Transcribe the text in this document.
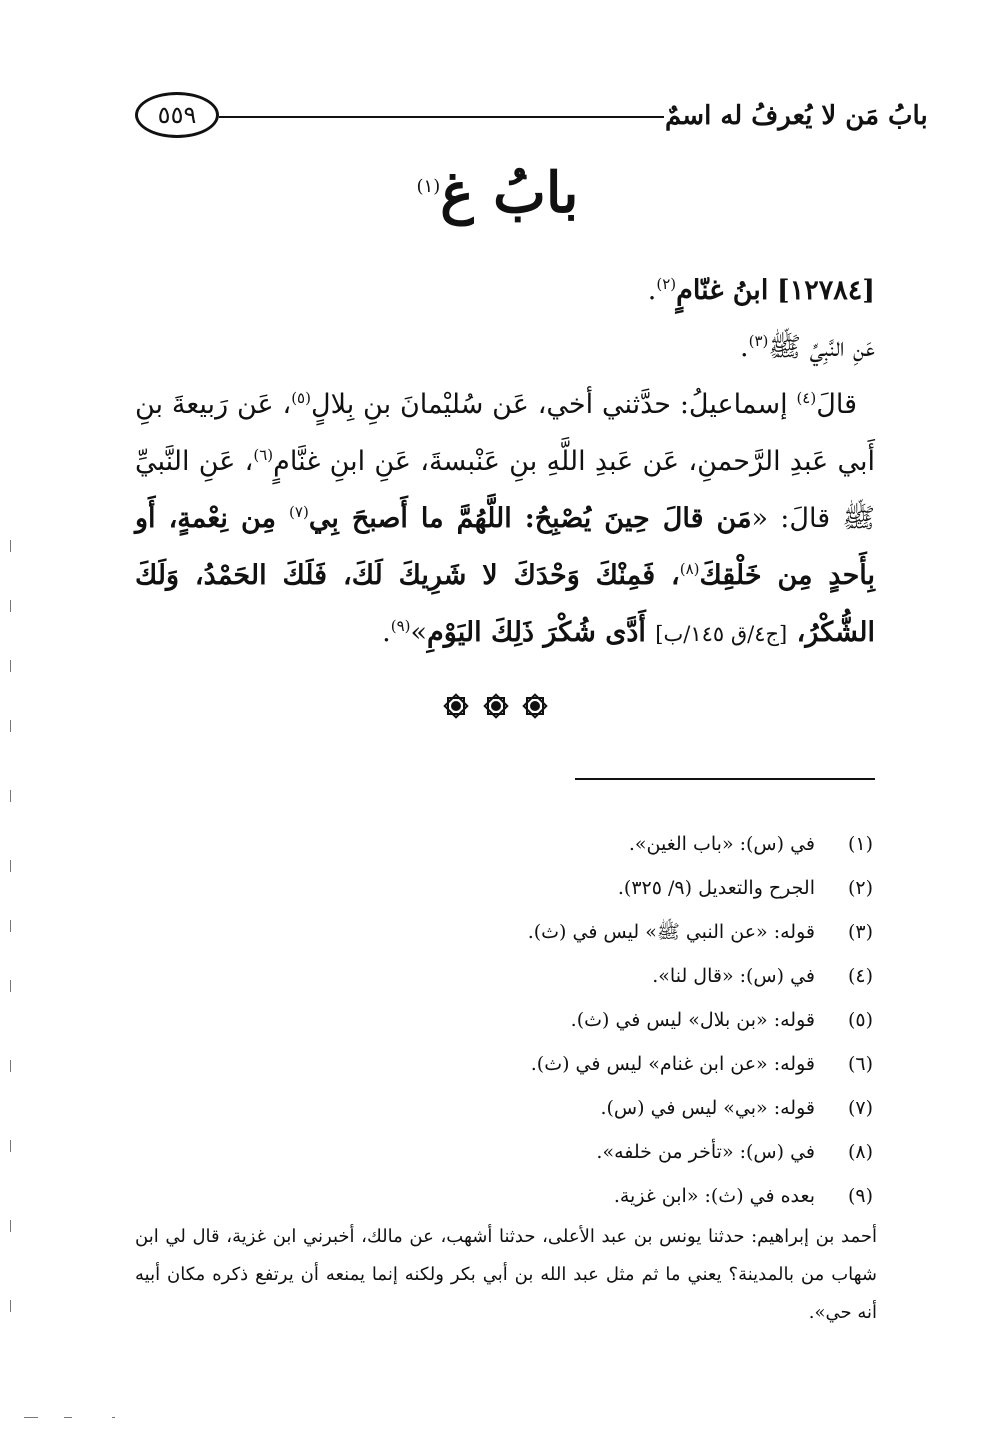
٥٥٩	بابُ مَن لا يُعرفُ له اسمٌ
بابُ غ$^{(١)}$

[١٢٧٨٤] ابنُ غنّامٍ$^{(٢)}$.

عَنِ النَّبِيِّ ﷺ$^{(٣)}$.

قالَ$^{(٤)}$ إسماعيلُ: حدَّثني أخي، عَن سُليْمانَ بنِ بِلالٍ$^{(٥)}$، عَن رَبيعةَ بنِ أَبي عَبدِ الرَّحمنِ، عَن عَبدِ اللَّهِ بنِ عَنْبسةَ، عَنِ ابنِ غنَّامٍ$^{(٦)}$، عَنِ النَّبيِّ ﷺ قالَ: «مَن قالَ حِينَ يُصْبِحُ: اللَّهُمَّ ما أَصبحَ بِي$^{(٧)}$ مِن نِعْمةٍ، أَو بِأَحدٍ مِن خَلْقِكَ$^{(٨)}$، فَمِنْكَ وَحْدَكَ لا شَرِيكَ لَكَ، فَلَكَ الحَمْدُ، وَلَكَ الشُّكْرُ، [ج٤/ق ١٤٥/ب] أَدَّى شُكْرَ ذَلِكَ اليَوْمِ»$^{(٩)}$.

(١)
في (س): «باب الغين».
(٢)
الجرح والتعديل (٩/ ٣٢٥).
(٣)
قوله: «عن النبي ﷺ» ليس في (ث).
(٤)
في (س): «قال لنا».
(٥)
قوله: «بن بلال» ليس في (ث).
(٦)
قوله: «عن ابن غنام» ليس في (ث).
(٧)
قوله: «بي» ليس في (س).
(٨)
في (س): «تأخر من خلفه».
(٩)
بعده في (ث): «ابن غزية.

أحمد بن إبراهيم: حدثنا يونس بن عبد الأعلى، حدثنا أشهب، عن مالك، أخبرني ابن غزية، قال لي ابن شهاب من بالمدينة؟ يعني ما ثم مثل عبد الله بن أبي بكر ولكنه إنما يمنعه أن يرتفع ذكره مكان أبيه أنه حي».
